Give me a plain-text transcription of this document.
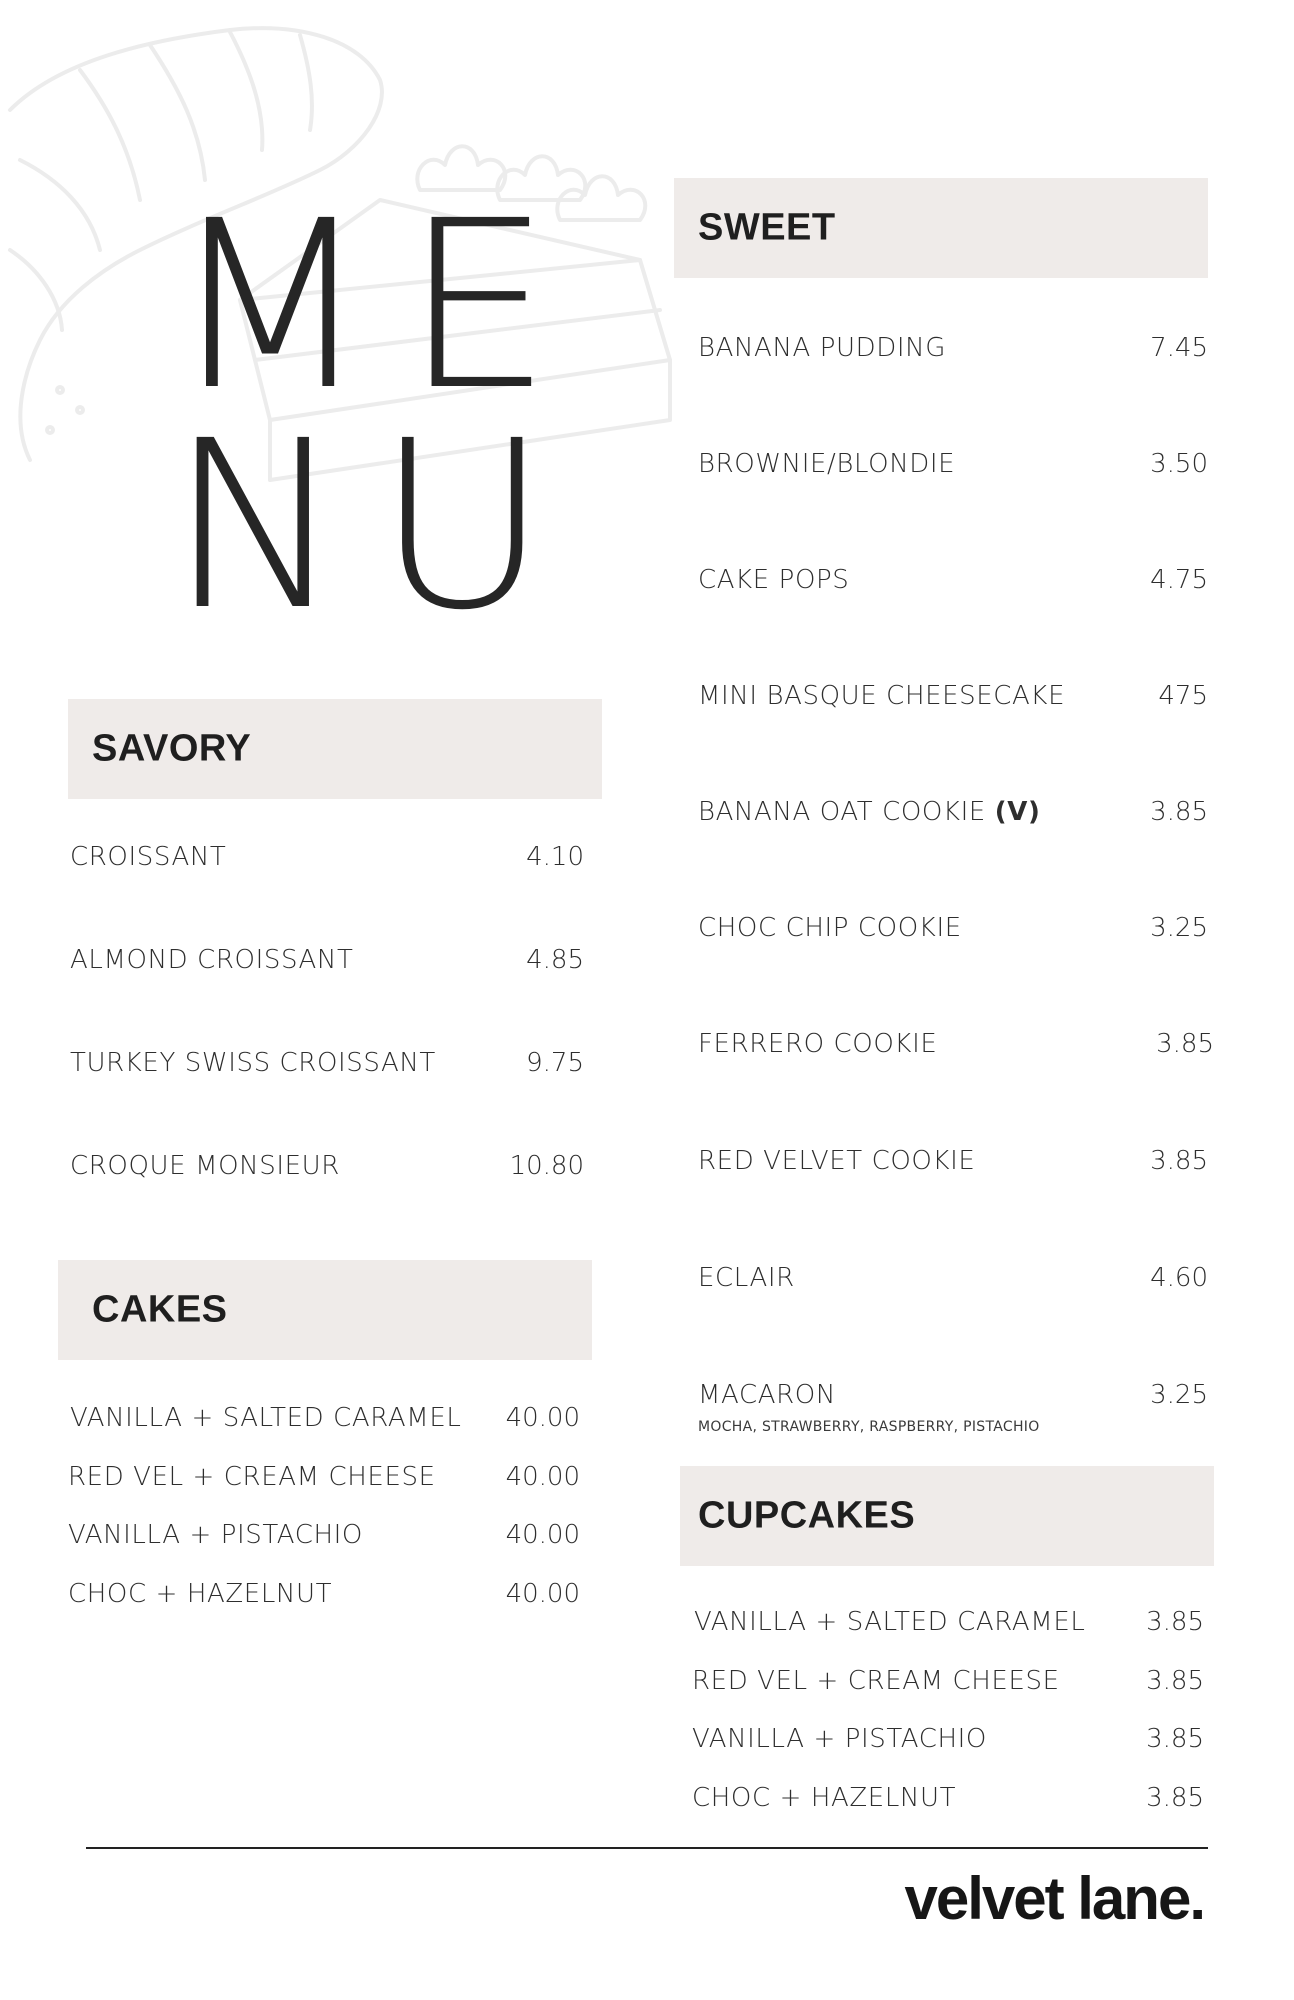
ME
NU
SAVORY
CROISSANT	4.10
ALMOND CROISSANT	4.85
TURKEY SWISS CROISSANT	9.75
CROQUE MONSIEUR	10.80
CAKES
VANILLA + SALTED CARAMEL 40.00
RED VEL + CREAM CHEESE	40.00
VANILLA + PISTACHIO	40.00
CHOC + HAZELNUT	40.00
SWEET
BANANA PUDDING	7.45
BROWNIE/BLONDIE	3.50
CAKE POPS	4.75
MINI BASQUE CHEESECAKE	475
BANANA OAT COOKIE (V)	3.85
CHOC CHIP COOKIE	3.25
FERRERO COOKIE	3.85
RED VELVET COOKIE	3.85
ECLAIR	4.60
MACARON	3.25
MOCHA, STRAWBERRY, RASPBERRY, PISTACHIO
CUPCAKES
VANILLA + SALTED CARAMEL 3.85
RED VEL + CREAM CHEESE	3.85
VANILLA + PISTACHIO	3.85
CHOC + HAZELNUT	3.85
velvet lane.
